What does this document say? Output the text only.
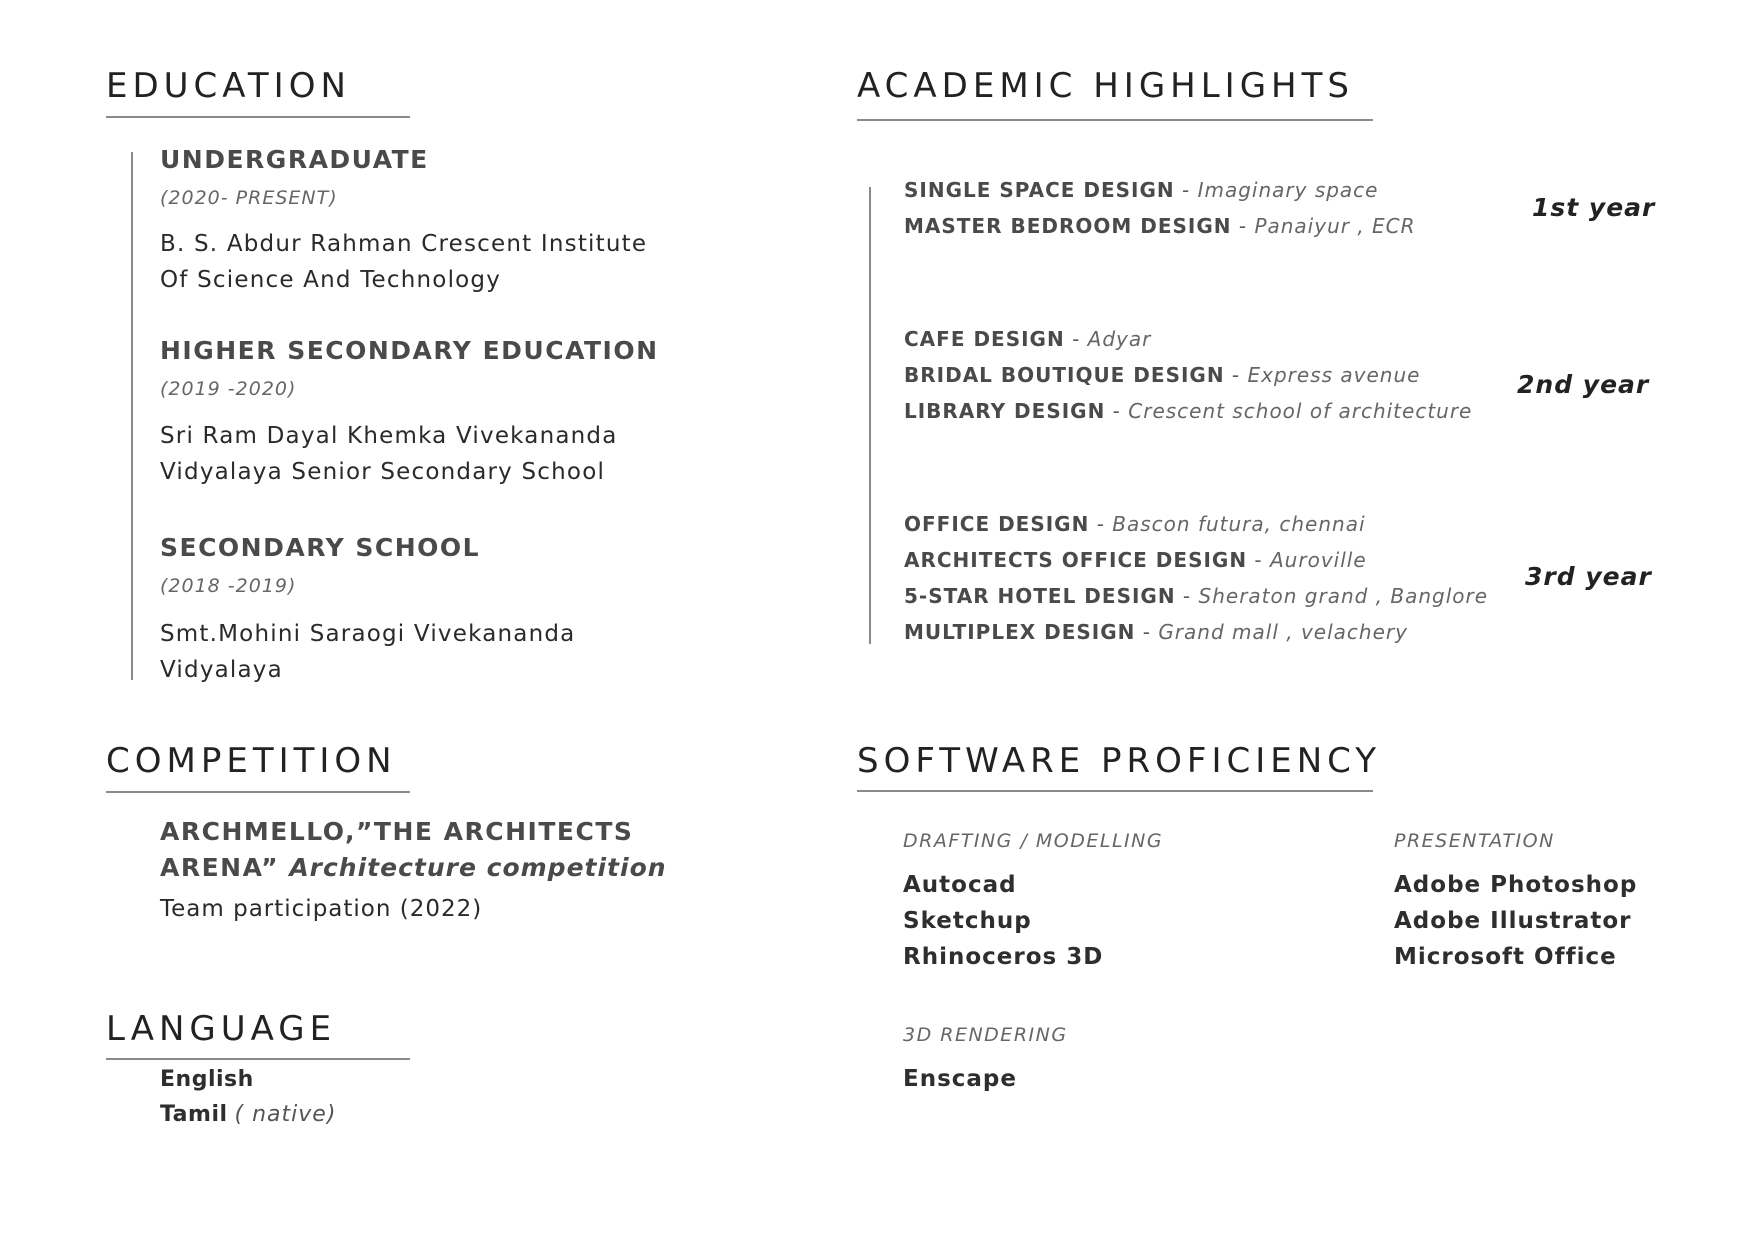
EDUCATION
UNDERGRADUATE
(2020- PRESENT)
B. S. Abdur Rahman Crescent Institute
Of Science And Technology
HIGHER SECONDARY EDUCATION
(2019 -2020)
Sri Ram Dayal Khemka Vivekananda
Vidyalaya Senior Secondary School
SECONDARY SCHOOL
(2018 -2019)
Smt.Mohini Saraogi Vivekananda
Vidyalaya
ACADEMIC HIGHLIGHTS
SINGLE SPACE DESIGN - Imaginary space
MASTER BEDROOM DESIGN - Panaiyur , ECR
1st year
CAFE DESIGN - Adyar
BRIDAL BOUTIQUE DESIGN - Express avenue
LIBRARY DESIGN - Crescent school of architecture
2nd year
OFFICE DESIGN - Bascon futura, chennai
ARCHITECTS OFFICE DESIGN - Auroville
5-STAR HOTEL DESIGN - Sheraton grand , Banglore
MULTIPLEX DESIGN - Grand mall , velachery
3rd year
COMPETITION
ARCHMELLO,”THE ARCHITECTS
ARENA” Architecture competition
Team participation (2022)
LANGUAGE
English
Tamil ( native)
SOFTWARE PROFICIENCY
DRAFTING / MODELLING
Autocad
Sketchup
Rhinoceros 3D
PRESENTATION
Adobe Photoshop
Adobe Illustrator
Microsoft Office
3D RENDERING
Enscape
